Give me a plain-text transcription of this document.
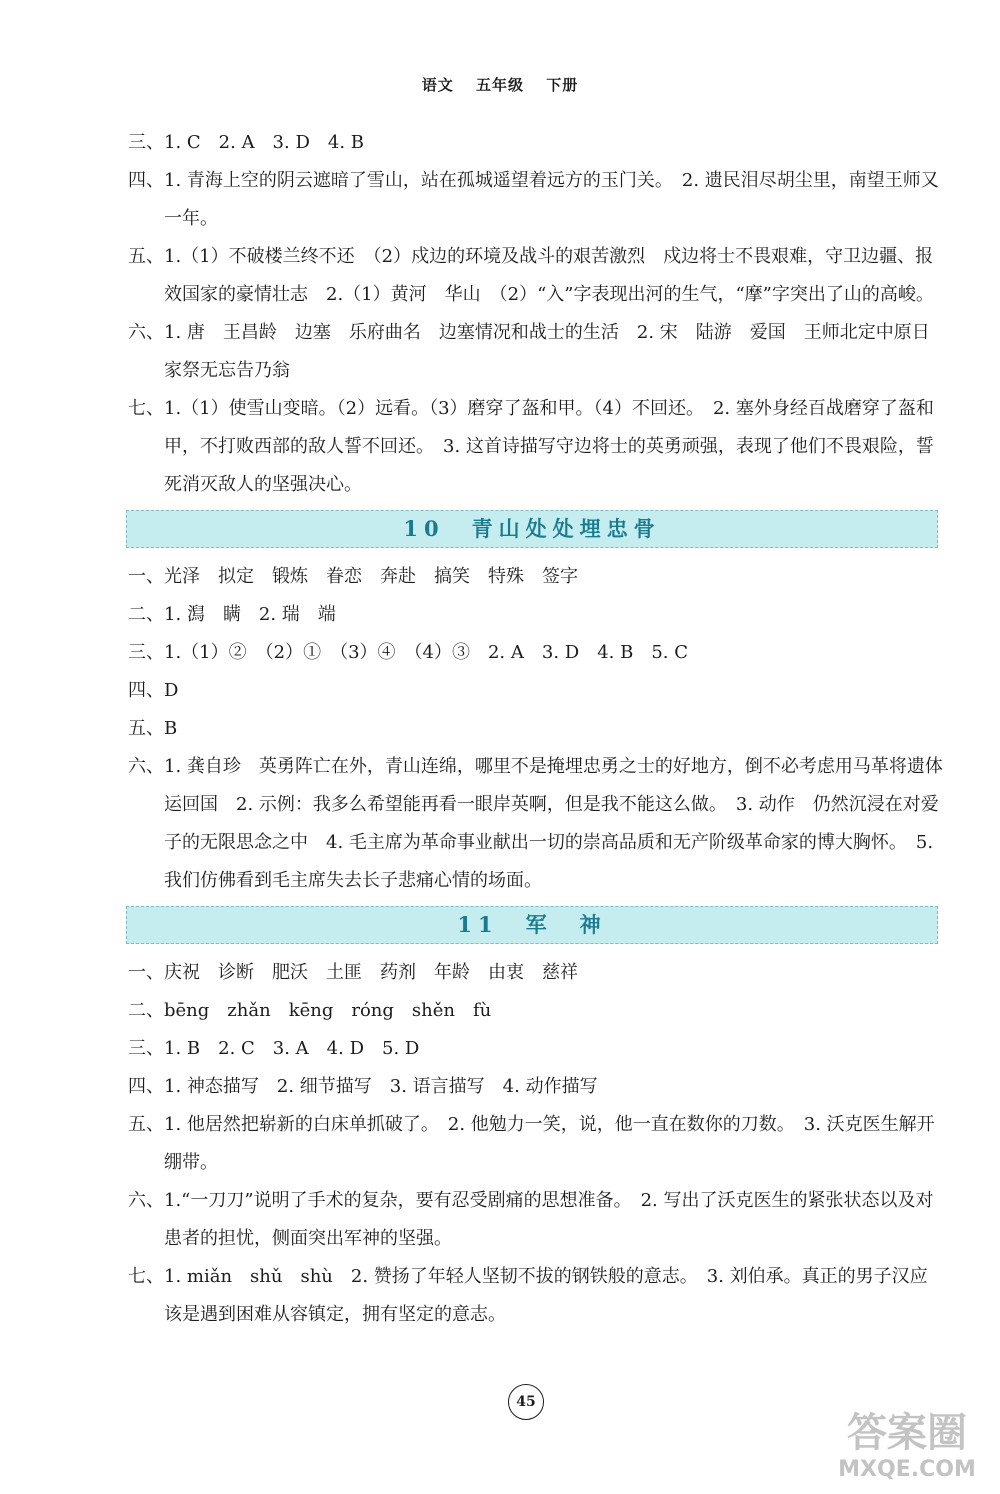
语文 五年级 下册
三、 1. C　2. A　3. D　4. B
四、 1. 青海上空的阴云遮暗了雪山，站在孤城遥望着远方的玉门关。　2. 遗民泪尽胡尘里，南望王师又一年。
五、 1.（1）不破楼兰终不还　（2）戍边的环境及战斗的艰苦激烈　戍边将士不畏艰难，守卫边疆、报效国家的豪情壮志　2.（1）黄河　华山　（2）“入”字表现出河的生气，“摩”字突出了山的高峻。
六、 1. 唐　王昌龄　边塞　乐府曲名　边塞情况和战士的生活　2. 宋　陆游　爱国　王师北定中原日　家祭无忘告乃翁
七、 1.（1）使雪山变暗。（2）远看。（3）磨穿了盔和甲。（4）不回还。　2. 塞外身经百战磨穿了盔和甲，不打败西部的敌人誓不回还。　3. 这首诗描写守边将士的英勇顽强，表现了他们不畏艰险，誓死消灭敌人的坚强决心。
10　青山处处埋忠骨
一、 光泽　拟定　锻炼　眷恋　奔赴　搞笑　特殊　签字
二、 1. 澙　瞒　2. 瑞　端
三、 1.（1）②　（2）①　（3）④　（4）③　2. A　3. D　4. B　5. C
四、 D
五、 B
六、 1. 龚自珍　英勇阵亡在外，青山连绵，哪里不是掩埋忠勇之士的好地方，倒不必考虑用马革将遗体运回国　2. 示例：我多么希望能再看一眼岸英啊，但是我不能这么做。　3. 动作　仍然沉浸在对爱子的无限思念之中　4. 毛主席为革命事业献出一切的崇高品质和无产阶级革命家的博大胸怀。　5. 我们仿佛看到毛主席失去长子悲痛心情的场面。
11　军　神
一、 庆祝　诊断　肥沃　土匪　药剂　年龄　由衷　慈祥
二、 bēng　zhǎn　kēng　róng　shěn　fù
三、 1. B　2. C　3. A　4. D　5. D
四、 1. 神态描写　2. 细节描写　3. 语言描写　4. 动作描写
五、 1. 他居然把崭新的白床单抓破了。　2. 他勉力一笑，说，他一直在数你的刀数。　3. 沃克医生解开绷带。
六、 1.“一刀刀”说明了手术的复杂，要有忍受剧痛的思想准备。　2. 写出了沃克医生的紧张状态以及对患者的担忧，侧面突出军神的坚强。
七、 1. miǎn　shǔ　shù　2. 赞扬了年轻人坚韧不拔的钢铁般的意志。　3. 刘伯承。真正的男子汉应该是遇到困难从容镇定，拥有坚定的意志。
45
答案圈
MXQE.COM
